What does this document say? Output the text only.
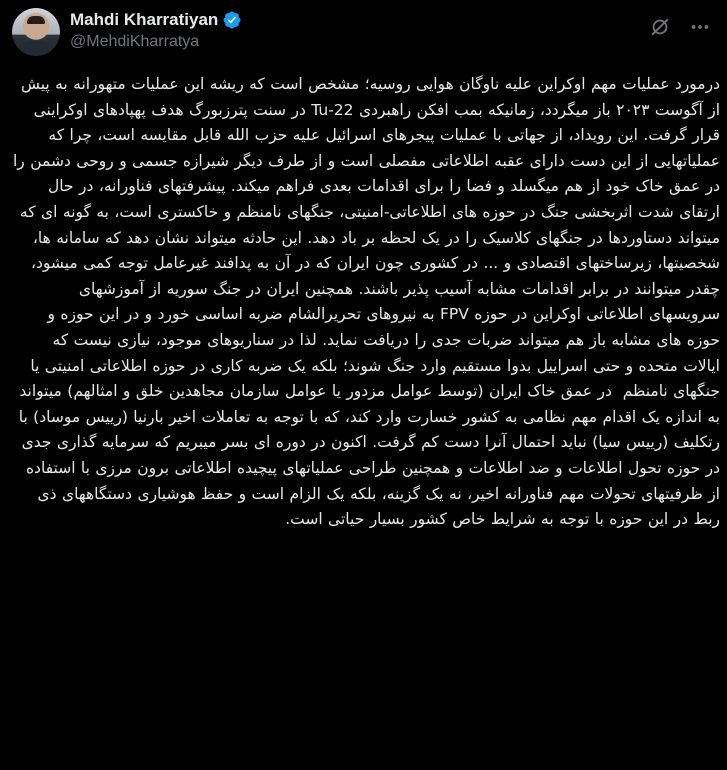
Mahdi Kharratiyan
@MehdiKharratya
درمورد عملیات مهم اوکراین علیه ناوگان هوایی روسیه؛ مشخص است که ریشه این عملیات متهورانه به پیش از آگوست ۲۰۲۳ باز میگردد، زمانیکه بمب افکن راهبردی Tu-22 در سنت پترزبورگ هدف پهپادهای اوکراینی قرار گرفت. این رویداد، از جهاتی با عملیات پیجرهای اسرائیل علیه حزب الله قابل مقایسه است، چرا که عملیاتهایی از این دست دارای عقبه اطلاعاتی مفصلی است و از طرف دیگر شیرازه جسمی و روحی دشمن را در عمق خاک خود از هم میگسلد و فضا را برای اقدامات بعدی فراهم میکند. پیشرفتهای فناورانه، در حال ارتقای شدت اثربخشی جنگ در حوزه های اطلاعاتی-امنیتی، جنگهای نامنظم و خاکستری است، به گونه ای که میتواند دستاوردها در جنگهای کلاسیک را در یک لحظه بر باد دهد. این حادثه میتواند نشان دهد که سامانه ها، شخصیتها، زیرساختهای اقتصادی و ... در کشوری چون ایران که در آن به پدافند غیرعامل توجه کمی میشود، چقدر میتوانند در برابر اقدامات مشابه آسیب پذیر باشند. همچنین ایران در جنگ سوریه از آموزشهای سرویسهای اطلاعاتی اوکراین در حوزه FPV به نیروهای تحریرالشام ضربه اساسی خورد و در این حوزه و حوزه های مشابه باز هم میتواند ضربات جدی را دریافت نماید. لذا در سناریوهای موجود، نیازی نیست که ایالات متحده و حتی اسراییل بدوا مستقیم وارد جنگ شوند؛ بلکه یک ضربه کاری در حوزه اطلاعاتی امنیتی یا جنگهای نامنظم  در عمق خاک ایران (توسط عوامل مزدور یا عوامل سازمان مجاهدین خلق و امثالهم) میتواند به اندازه یک اقدام مهم نظامی به کشور خسارت وارد کند، که با توجه به تعاملات اخیر بارنیا (رییس موساد) با رتکلیف (رییس سیا) نباید احتمال آنرا دست کم گرفت. اکنون در دوره ای بسر میبریم که سرمایه گذاری جدی در حوزه تحول اطلاعات و ضد اطلاعات و همچنین طراحی عملیاتهای پیچیده اطلاعاتی برون مرزی با استفاده از ظرفیتهای تحولات مهم فناورانه اخیر، نه یک گزینه، بلکه یک الزام است و حفظ هوشیاری دستگاههای ذی ربط در این حوزه با توجه به شرایط خاص کشور بسیار حیاتی است.
